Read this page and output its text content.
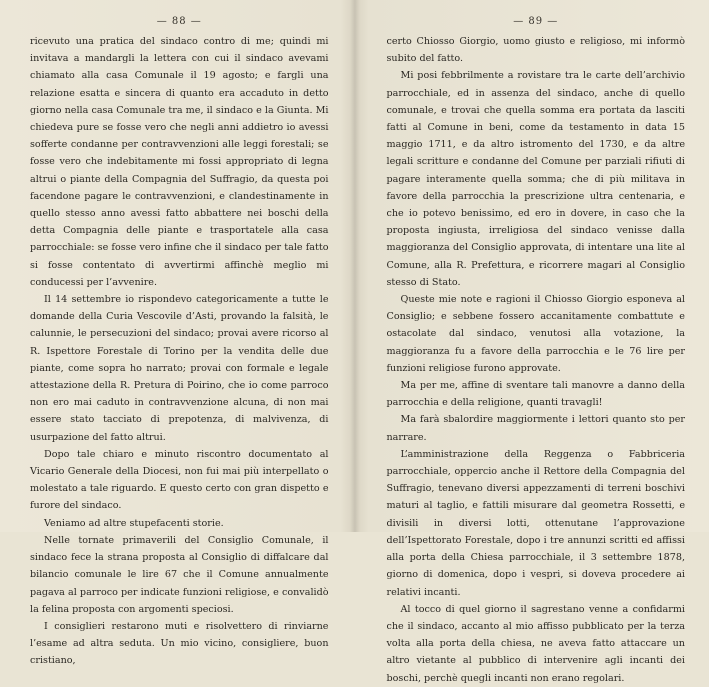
— 88 —
ricevuto una pratica del sindaco contro di me; quindi mi invitava a mandargli la lettera con cui il sindaco avevami chiamato alla casa Comunale il 19 agosto; e fargli una relazione esatta e sincera di quanto era accaduto in detto giorno nella casa Comunale tra me, il sindaco e la Giunta. Mi chiedeva pure se fosse vero che negli anni addietro io avessi sofferte condanne per contravvenzioni alle leggi forestali; se fosse vero che indebitamente mi fossi appropriato di legna altrui o piante della Compagnia del Suffragio, da questa poi facendone pagare le contravvenzioni, e clandestinamente in quello stesso anno avessi fatto abbattere nei boschi della detta Compagnia delle piante e trasportatele alla casa parrocchiale: se fosse vero infine che il sindaco per tale fatto si fosse contentato di avvertirmi affinchè meglio mi conducessi per l’avvenire.
Il 14 settembre io rispondevo categoricamente a tutte le domande della Curia Vescovile d’Asti, provando la falsità, le calunnie, le persecuzioni del sindaco; provai avere ricorso al R. Ispettore Forestale di Torino per la vendita delle due piante, come sopra ho narrato; provai con formale e legale attestazione della R. Pretura di Poirino, che io come parroco non ero mai caduto in contravvenzione alcuna, di non mai essere stato tacciato di prepotenza, di malvivenza, di usurpazione del fatto altrui.
Dopo tale chiaro e minuto riscontro documentato al Vicario Generale della Diocesi, non fui mai più interpellato o molestato a tale riguardo. E questo certo con gran dispetto e furore del sindaco.
Veniamo ad altre stupefacenti storie.
Nelle tornate primaverili del Consiglio Comunale, il sindaco fece la strana proposta al Consiglio di diffalcare dal bilancio comunale le lire 67 che il Comune annualmente pagava al parroco per indicate funzioni religiose, e convalidò la felina proposta con argomenti speciosi.
I consiglieri restarono muti e risolvettero di rinviarne l’esame ad altra seduta. Un mio vicino, consigliere, buon cristiano,
— 89 —
certo Chiosso Giorgio, uomo giusto e religioso, mi informò subito del fatto.
Mi posi febbrilmente a rovistare tra le carte dell’archivio parrocchiale, ed in assenza del sindaco, anche di quello comunale, e trovai che quella somma era portata da lasciti fatti al Comune in beni, come da testamento in data 15 maggio 1711, e da altro istromento del 1730, e da altre legali scritture e condanne del Comune per parziali rifiuti di pagare interamente quella somma; che di più militava in favore della parrocchia la prescrizione ultra centenaria, e che io potevo benissimo, ed ero in dovere, in caso che la proposta ingiusta, irreligiosa del sindaco venisse dalla maggioranza del Consiglio approvata, di intentare una lite al Comune, alla R. Prefettura, e ricorrere magari al Consiglio stesso di Stato.
Queste mie note e ragioni il Chiosso Giorgio esponeva al Consiglio; e sebbene fossero accanitamente combattute e ostacolate dal sindaco, venutosi alla votazione, la maggioranza fu a favore della parrocchia e le 76 lire per funzioni religiose furono approvate.
Ma per me, affine di sventare tali manovre a danno della parrocchia e della religione, quanti travagli!
Ma farà sbalordire maggiormente i lettori quanto sto per narrare.
L’amministrazione della Reggenza o Fabbriceria parrocchiale, oppercio anche il Rettore della Compagnia del Suffragio, tenevano diversi appezzamenti di terreni boschivi maturi al taglio, e fattili misurare dal geometra Rossetti, e divisili in diversi lotti, ottenutane l’approvazione dell’Ispettorato Forestale, dopo i tre annunzi scritti ed affissi alla porta della Chiesa parrocchiale, il 3 settembre 1878, giorno di domenica, dopo i vespri, si doveva procedere ai relativi incanti.
Al tocco di quel giorno il sagrestano venne a confidarmi che il sindaco, accanto al mio affisso pubblicato per la terza volta alla porta della chiesa, ne aveva fatto attaccare un altro vietante al pubblico di intervenire agli incanti dei boschi, perchè quegli incanti non erano regolari.
